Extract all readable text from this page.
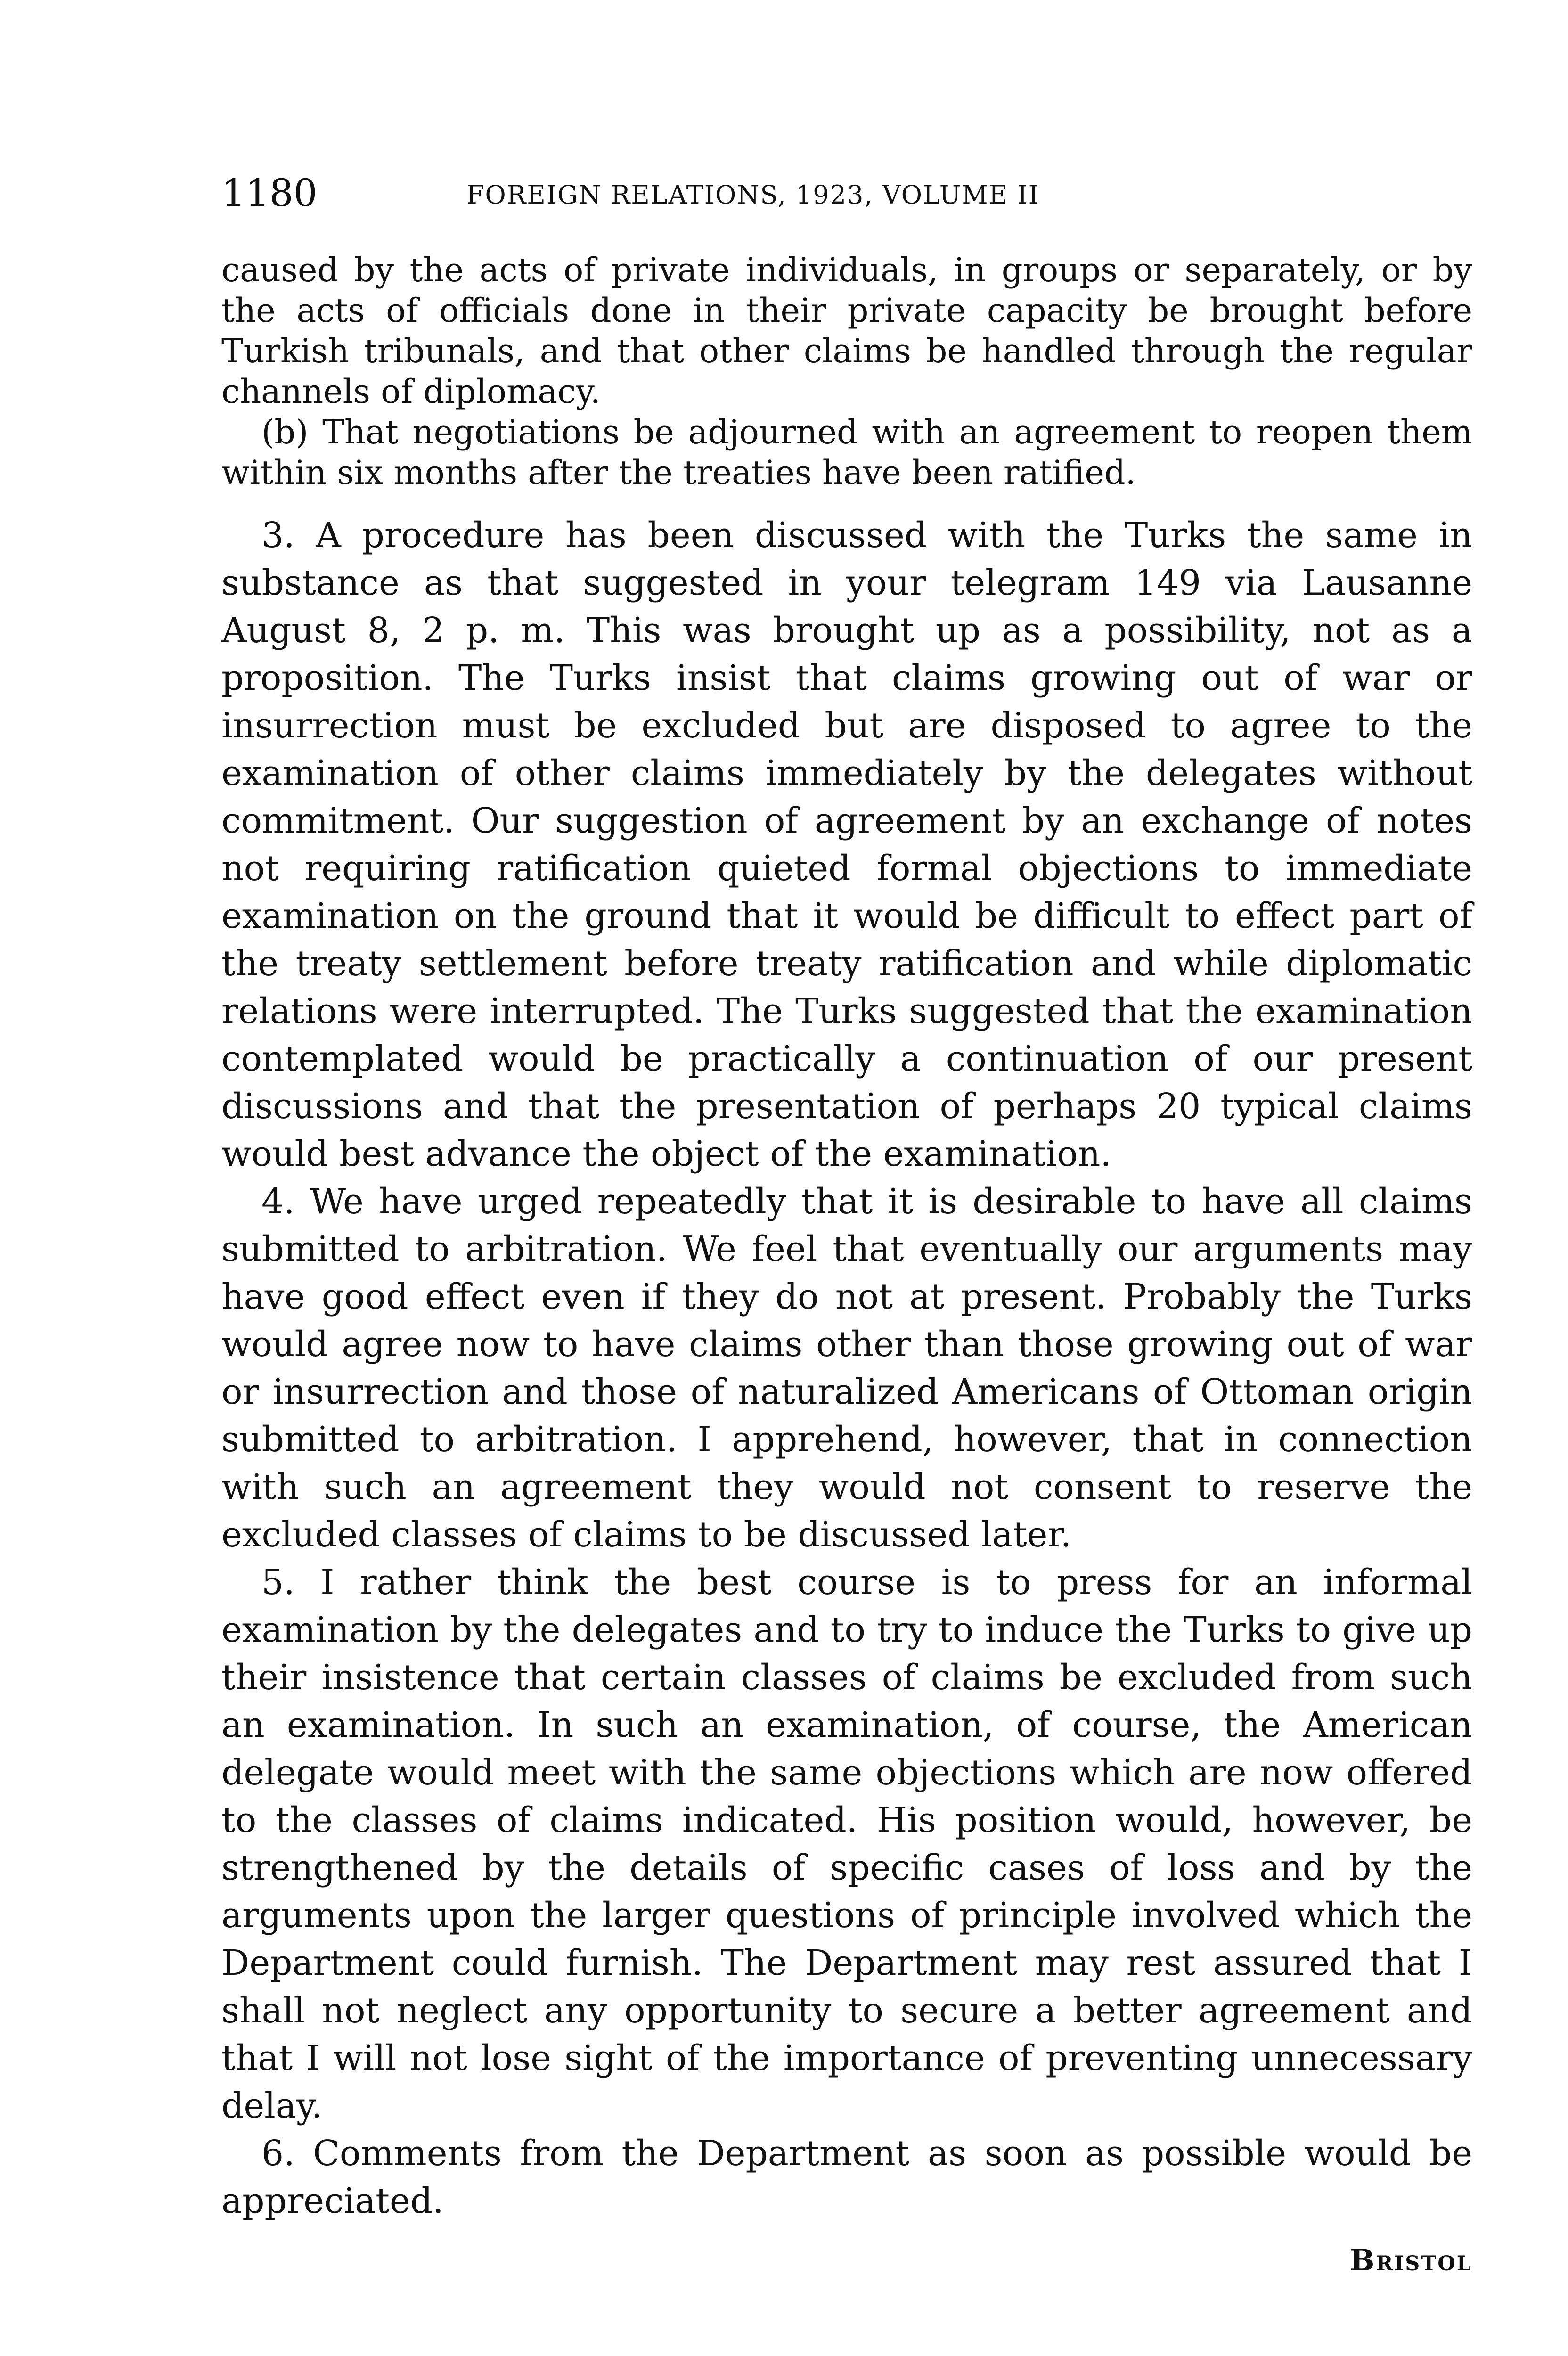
1180	FOREIGN RELATIONS, 1923, VOLUME II

caused by the acts of private individuals, in groups or separately, or by the acts of officials done in their private capacity be brought before Turkish tribunals, and that other claims be handled through the regular channels of diplomacy.

(b) That negotiations be adjourned with an agreement to reopen them within six months after the treaties have been ratified.

3. A procedure has been discussed with the Turks the same in substance as that suggested in your telegram 149 via Lausanne August 8, 2 p. m. This was brought up as a possibility, not as a proposition. The Turks insist that claims growing out of war or insurrection must be excluded but are disposed to agree to the examination of other claims immediately by the delegates without commitment. Our suggestion of agreement by an exchange of notes not requiring ratification quieted formal objections to immediate examination on the ground that it would be difficult to effect part of the treaty settlement before treaty ratification and while diplomatic relations were interrupted. The Turks suggested that the examination contemplated would be practically a continuation of our present discussions and that the presentation of perhaps 20 typical claims would best advance the object of the examination.

4. We have urged repeatedly that it is desirable to have all claims submitted to arbitration. We feel that eventually our arguments may have good effect even if they do not at present. Probably the Turks would agree now to have claims other than those growing out of war or insurrection and those of naturalized Americans of Ottoman origin submitted to arbitration. I apprehend, however, that in connection with such an agreement they would not consent to reserve the excluded classes of claims to be discussed later.

5. I rather think the best course is to press for an informal examination by the delegates and to try to induce the Turks to give up their insistence that certain classes of claims be excluded from such an examination. In such an examination, of course, the American delegate would meet with the same objections which are now offered to the classes of claims indicated. His position would, however, be strengthened by the details of specific cases of loss and by the arguments upon the larger questions of principle involved which the Department could furnish. The Department may rest assured that I shall not neglect any opportunity to secure a better agreement and that I will not lose sight of the importance of preventing unnecessary delay.

6. Comments from the Department as soon as possible would be appreciated.

Bristol
